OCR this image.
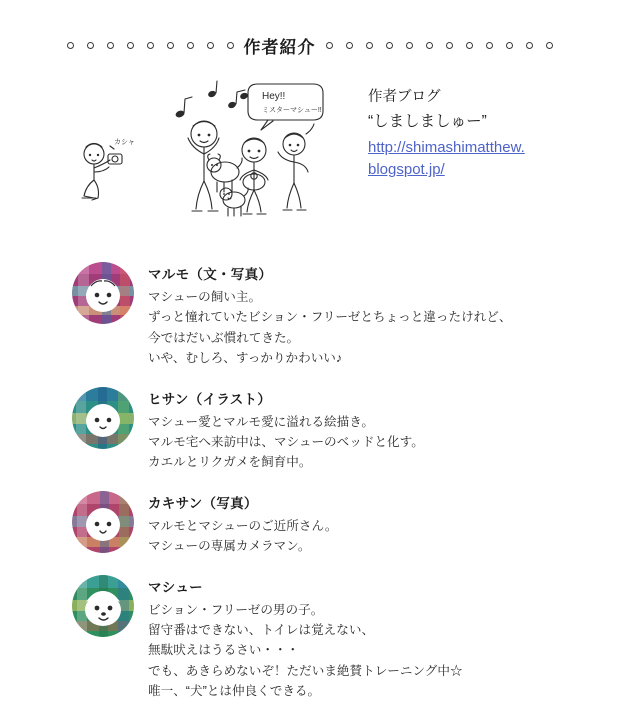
作者紹介
Hey!!
ミスターマシュー!!
カシャ
作者ブログ
“しましましゅー”
http://shimashimatthew.
blogspot.jp/
マルモ（文・写真）
マシューの飼い主。
ずっと憧れていたビション・フリーゼとちょっと違ったけれど、
今ではだいぶ慣れてきた。
いや、むしろ、すっかりかわいい♪
ヒサン（イラスト）
マシュー愛とマルモ愛に溢れる絵描き。
マルモ宅へ来訪中は、マシューのベッドと化す。
カエルとリクガメを飼育中。
カキサン（写真）
マルモとマシューのご近所さん。
マシューの専属カメラマン。
マシュー
ビション・フリーゼの男の子。
留守番はできない、トイレは覚えない、
無駄吠えはうるさい・・・
でも、あきらめないぞ！ただいま絶賛トレーニング中☆
唯一、“犬”とは仲良くできる。
